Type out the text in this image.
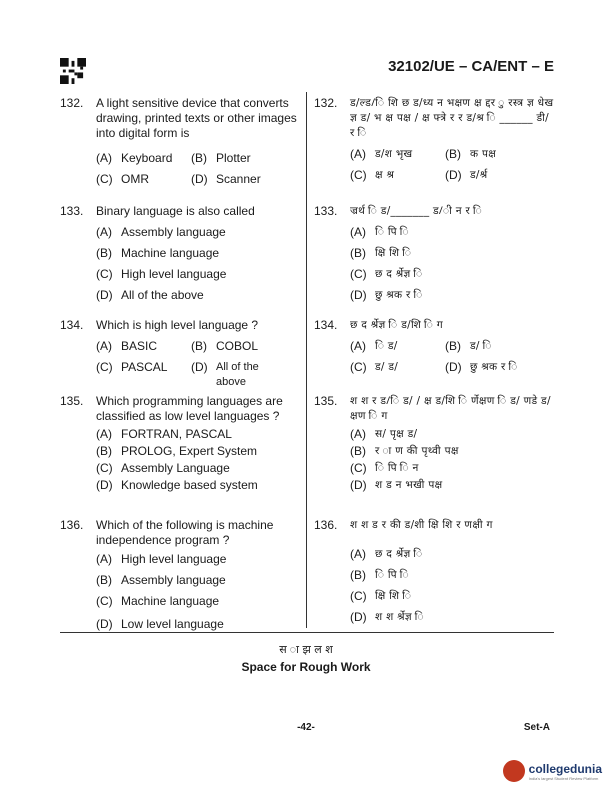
32102/UE – CA/ENT – E
132.	A light sensitive device that converts drawing, printed texts or other images into digital form is
(A) Keyboard (B) Plotter
(C) OMR	(D) Scanner
133.	Binary language is also called
(A) Assembly language
(B) Machine language
(C) High level language
(D) All of the above
134.	Which is high level language ?
(A) BASIC	(B) COBOL
(C) PASCAL (D) All of the above
135.	Which programming languages are classified as low level languages ?
(A) FORTRAN, PASCAL
(B) PROLOG, Expert System
(C) Assembly Language
(D) Knowledge based system
136.	Which of the following is machine independence program ?
(A) High level language
(B) Assembly language
(C) Machine language
(D) Low level language
132.	ड/ल्ड/ि शि छ ड/ध्य न भक्षण क्ष द्दर ु रस्त्र ज्ञ धेख ज्ञ ड/ भ क्ष पक्ष / क्ष फ्त्रे र र ड/श्र ि ______ डी/ र ि
(A) ड/श भृख	(B) क पक्ष
(C) क्ष श्र	(D) ड/र्श्र
133.	ज्रर्थ ि ड/_______ ड/ी न र ि
(A) ि पि ि
(B) क्षि शि ि
(C) छ द र्श्रेज्ञ ि
(D) छु श्रक र ि
134.	छ द र्श्रेज्ञ ि ड/शि ि ग
(A) ि ड/	(B) ड/ ि
(C) ड/ ड/	(D) छु श्रक र ि
135.	श श र ड/ि ड/ / क्ष ड/शि ि र्णेक्षण ि ड/ णडे ड/ क्षण ि ग
(A) स/ पृक्ष ड/
(B) र ा ण की पृथ्वी पक्ष
(C) ि पि ि न
(D) श ड न भखी पक्ष
136.	श श ड र की ड/शी क्षि शि र णक्षी ग
(A) छ द र्श्रेज्ञ ि
(B) ि पि ि
(C) क्षि शि ि
(D) श श र्श्रेज्ञ ि
स ा झ ल श
Space for Rough Work
-42-	Set-A
collegedunia
India's largest Student Review Platform
